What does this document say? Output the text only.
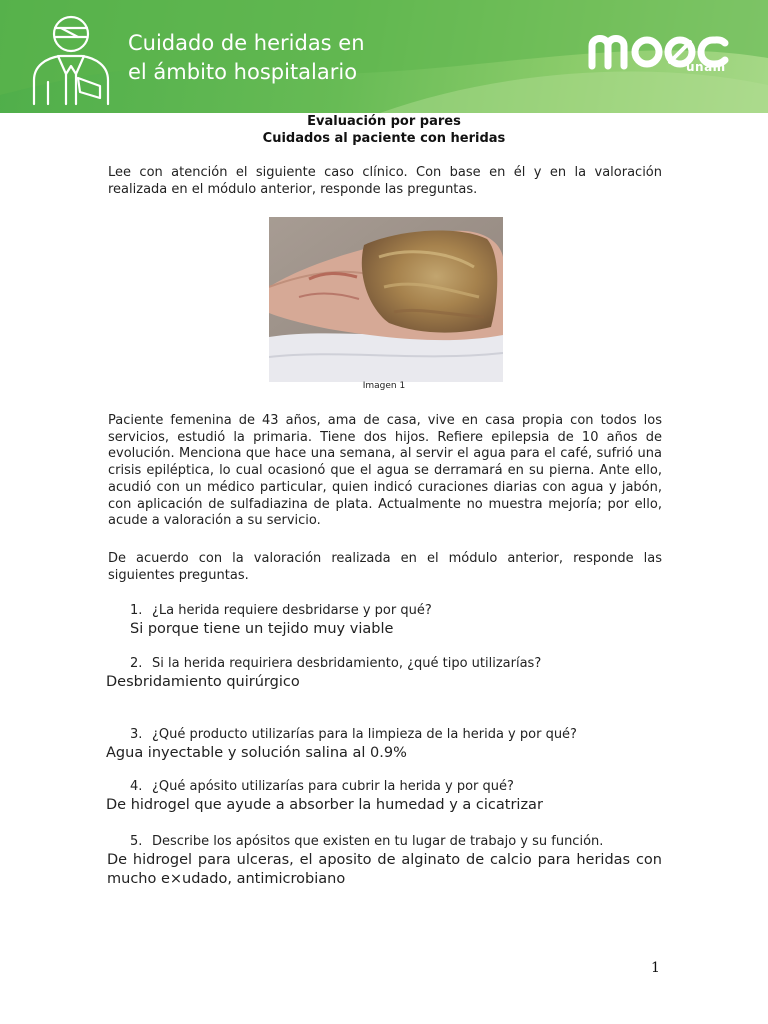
Cuidado de heridas en
el ámbito hospitalario	unam
Evaluación por pares
Cuidados al paciente con heridas
Lee con atención el siguiente caso clínico. Con base en él y en la valoración realizada en el módulo anterior, responde las preguntas.
Imagen 1
Paciente femenina de 43 años, ama de casa, vive en casa propia con todos los servicios, estudió la primaria. Tiene dos hijos. Refiere epilepsia de 10 años de evolución. Menciona que hace una semana, al servir el agua para el café, sufrió una crisis epiléptica, lo cual ocasionó que el agua se derramará en su pierna. Ante ello, acudió con un médico particular, quien indicó curaciones diarias con agua y jabón, con aplicación de sulfadiazina de plata. Actualmente no muestra mejoría; por ello, acude a valoración a su servicio.
De acuerdo con la valoración realizada en el módulo anterior, responde las siguientes preguntas.
1. ¿La herida requiere desbridarse y por qué?
Si porque tiene un tejido muy viable
2. Si la herida requiriera desbridamiento, ¿qué tipo utilizarías?
Desbridamiento quirúrgico
3. ¿Qué producto utilizarías para la limpieza de la herida y por qué?
Agua inyectable y solución salina al 0.9%
4. ¿Qué apósito utilizarías para cubrir la herida y por qué?
De hidrogel que ayude a absorber la humedad y a cicatrizar
5. Describe los apósitos que existen en tu lugar de trabajo y su función.
De hidrogel para ulceras, el aposito de alginato de calcio para heridas con mucho e×udado, antimicrobiano
1
